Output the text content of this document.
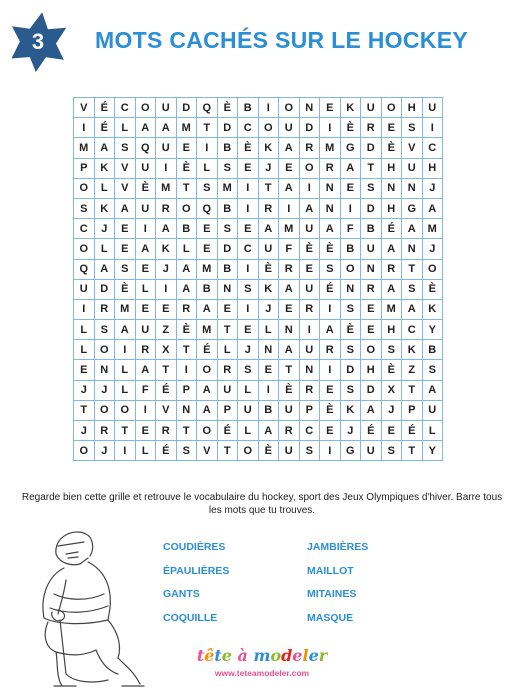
3	MOTS CACHÉS SUR LE HOCKEY
V	É	C	O	U	D	Q	È	B	I	O	N	E	K	U	O	H	U
I	É	L	A	A	M	T	D	C	O	U	D	I	È	R	E	S	I
M	A	S	Q	U	E	I	B	È	K	A	R	M	G	D	È	V	C
P	K	V	U	I	È	L	S	E	J	E	O	R	A	T	H	U	H
O	L	V	È	M	T	S	M	I	T	A	I	N	E	S	N	N	J
S	K	A	U	R	O	Q	B	I	R	I	A	N	I	D	H	G	A
C	J	E	I	A	B	E	S	E	A	M	U	A	F	B	É	A	M
O	L	E	A	K	L	E	D	C	U	F	È	È	B	U	A	N	J
Q	A	S	E	J	A	M	B	I	È	R	E	S	O	N	R	T	O
U	D	È	L	I	A	B	N	S	K	A	U	É	N	R	A	S	È
I	R	M	E	E	R	A	E	I	J	E	R	I	S	E	M	A	K
L	S	A	U	Z	È	M	T	E	L	N	I	A	È	E	H	C	Y
L	O	I	R	X	T	É	L	J	N	A	U	R	S	O	S	K	B
E	N	L	A	T	I	O	R	S	E	T	N	I	D	H	È	Z	S
J	J	L	F	É	P	A	U	L	I	È	R	E	S	D	X	T	A
T	O	O	I	V	N	A	P	U	B	U	P	È	K	A	J	P	U
J	R	T	E	R	T	O	É	L	A	R	C	E	J	É	E	É	L
O	J	I	L	É	S	V	T	O	È	U	S	I	G	U	S	T	Y
Regarde bien cette grille et retrouve le vocabulaire du hockey, sport des Jeux Olympiques d'hiver. Barre tous les mots que tu trouves.
COUDIÈRES
ÉPAULIÈRES
GANTS
COQUILLE
JAMBIÈRES
MAILLOT
MITAINES
MASQUE
tête à modeler
www.teteamodeler.com
